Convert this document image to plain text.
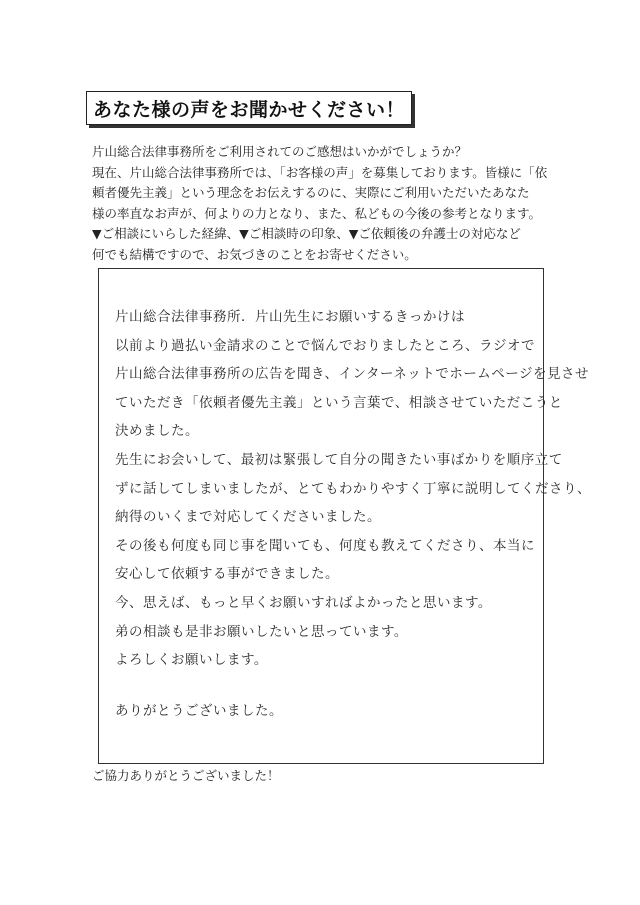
あなた様の声をお聞かせください！
片山総合法律事務所をご利用されてのご感想はいかがでしょうか？
現在、片山総合法律事務所では、「お客様の声」を募集しております。皆様に「依
頼者優先主義」という理念をお伝えするのに、実際にご利用いただいたあなた
様の率直なお声が、何よりの力となり、また、私どもの今後の参考となります。
▼ご相談にいらした経緯、▼ご相談時の印象、▼ご依頼後の弁護士の対応など
何でも結構ですので、お気づきのことをお寄せください。
片山総合法律事務所．片山先生にお願いするきっかけは
以前より過払い金請求のことで悩んでおりましたところ、ラジオで
片山総合法律事務所の広告を聞き、インターネットでホームページを見させ
ていただき「依頼者優先主義」という言葉で、相談させていただこうと
決めました。
先生にお会いして、最初は緊張して自分の聞きたい事ばかりを順序立て
ずに話してしまいましたが、とてもわかりやすく丁寧に説明してくださり、
納得のいくまで対応してくださいました。
その後も何度も同じ事を聞いても、何度も教えてくださり、本当に
安心して依頼する事ができました。
今、思えば、もっと早くお願いすればよかったと思います。
弟の相談も是非お願いしたいと思っています。
よろしくお願いします。
ありがとうございました。
ご協力ありがとうございました！
